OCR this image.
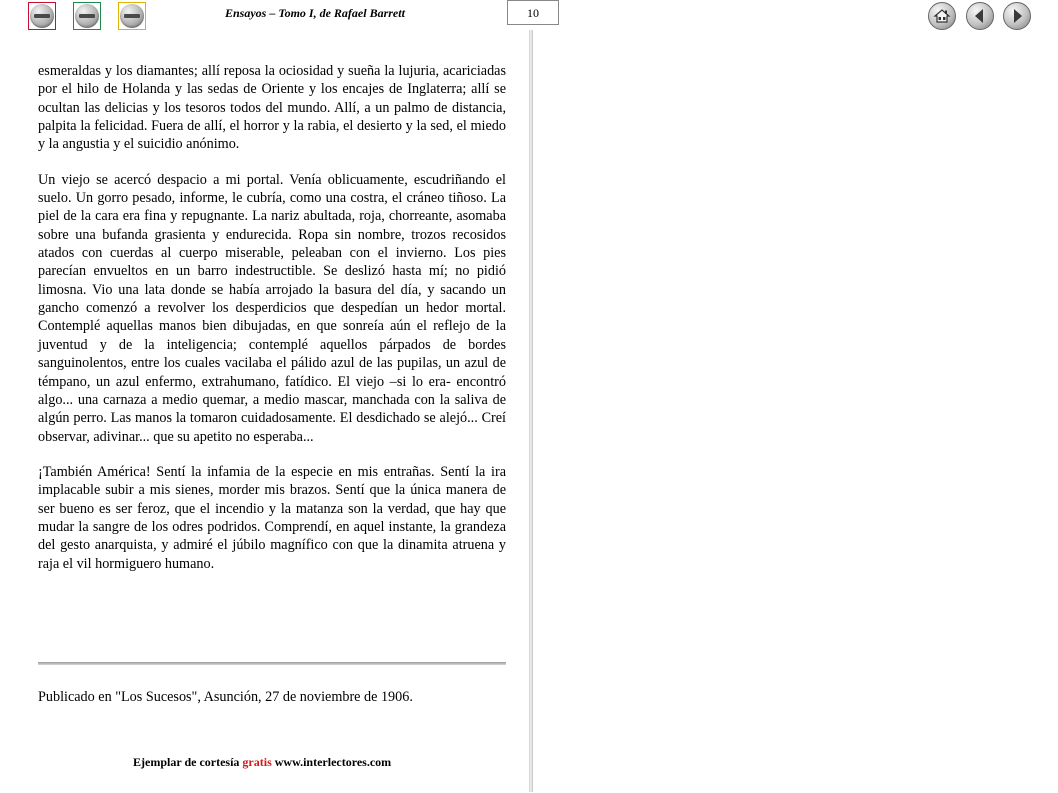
Ensayos – Tomo I, de Rafael Barrett	10

esmeraldas y los diamantes; allí reposa la ociosidad y sueña la lujuria, acariciadas por el hilo de Holanda y las sedas de Oriente y los encajes de Inglaterra; allí se ocultan las delicias y los tesoros todos del mundo. Allí, a un palmo de distancia, palpita la felicidad. Fuera de allí, el horror y la rabia, el desierto y la sed, el miedo y la angustia y el suicidio anónimo.

Un viejo se acercó despacio a mi portal. Venía oblicuamente, escudriñando el suelo. Un gorro pesado, informe, le cubría, como una costra, el cráneo tiñoso. La piel de la cara era fina y repugnante. La nariz abultada, roja, chorreante, asomaba sobre una bufanda grasienta y endurecida. Ropa sin nombre, trozos recosidos atados con cuerdas al cuerpo miserable, peleaban con el invierno. Los pies parecían envueltos en un barro indestructible. Se deslizó hasta mí; no pidió limosna. Vio una lata donde se había arrojado la basura del día, y sacando un gancho comenzó a revolver los desperdicios que despedían un hedor mortal. Contemplé aquellas manos bien dibujadas, en que sonreía aún el reflejo de la juventud y de la inteligencia; contemplé aquellos párpados de bordes sanguinolentos, entre los cuales vacilaba el pálido azul de las pupilas, un azul de témpano, un azul enfermo, extrahumano, fatídico. El viejo –si lo era- encontró algo... una carnaza a medio quemar, a medio mascar, manchada con la saliva de algún perro. Las manos la tomaron cuidadosamente. El desdichado se alejó... Creí observar, adivinar... que su apetito no esperaba...

¡También América! Sentí la infamia de la especie en mis entrañas. Sentí la ira implacable subir a mis sienes, morder mis brazos. Sentí que la única manera de ser bueno es ser feroz, que el incendio y la matanza son la verdad, que hay que mudar la sangre de los odres podridos. Comprendí, en aquel instante, la grandeza del gesto anarquista, y admiré el júbilo magnífico con que la dinamita atruena y raja el vil hormiguero humano.

Publicado en "Los Sucesos", Asunción, 27 de noviembre de 1906.
Ejemplar de cortesía gratis www.interlectores.com
